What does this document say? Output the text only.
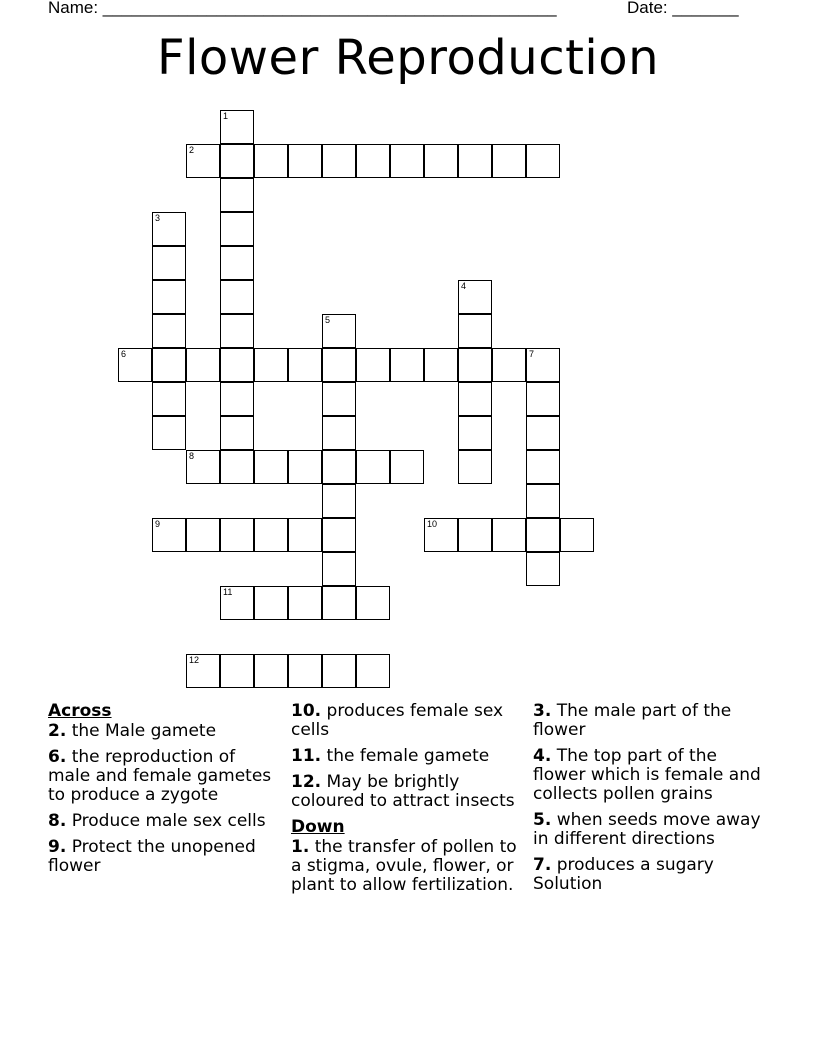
Name: ________________________________________________	Date: _______
Flower Reproduction
1
2
3
4
5
6	7
8
9	10
11
12
Across
2. the Male gamete
6. the reproduction of male and female gametes to produce a zygote
8. Produce male sex cells
9. Protect the unopened flower
10. produces female sex cells
11. the female gamete
12. May be brightly coloured to attract insects
Down
1. the transfer of pollen to a stigma, ovule, flower, or plant to allow fertilization.
3. The male part of the flower
4. The top part of the flower which is female and collects pollen grains
5. when seeds move away in different directions
7. produces a sugary Solution
